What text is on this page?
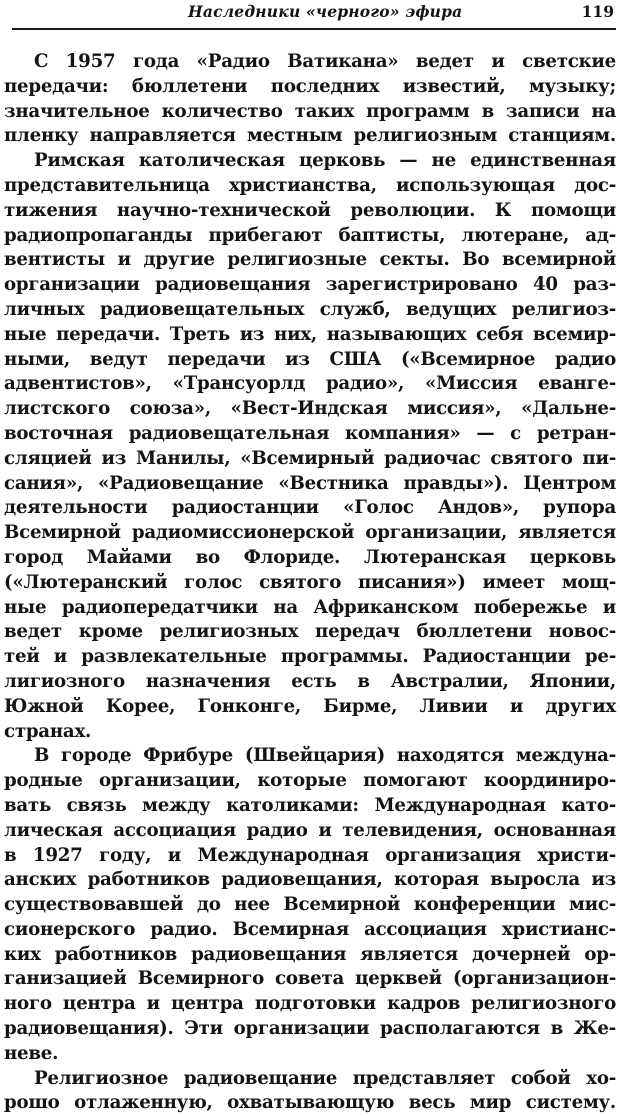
Наследники «черного» эфира	119
С 1957 года «Радио Ватикана» ведет и светские
передачи: бюллетени последних известий, музыку;
значительное количество таких программ в записи на
пленку направляется местным религиозным станциям.
Римская католическая церковь — не единственная
представительница христианства, использующая дос-
тижения научно-технической революции. К помощи
радиопропаганды прибегают баптисты, лютеране, ад-
вентисты и другие религиозные секты. Во всемирной
организации радиовещания зарегистрировано 40 раз-
личных радиовещательных служб, ведущих религиоз-
ные передачи. Треть из них, называющих себя всемир-
ными, ведут передачи из США («Всемирное радио
адвентистов», «Трансуорлд радио», «Миссия еванге-
листского союза», «Вест-Индская миссия», «Дальне-
восточная радиовещательная компания» — с ретран-
сляцией из Манилы, «Всемирный радиочас святого пи-
сания», «Радиовещание «Вестника правды»). Центром
деятельности радиостанции «Голос Андов», рупора
Всемирной радиомиссионерской организации, является
город Майами во Флориде. Лютеранская церковь
(«Лютеранский голос святого писания») имеет мощ-
ные радиопередатчики на Африканском побережье и
ведет кроме религиозных передач бюллетени новос-
тей и развлекательные программы. Радиостанции ре-
лигиозного назначения есть в Австралии, Японии,
Южной Корее, Гонконге, Бирме, Ливии и других
странах.
В городе Фрибуре (Швейцария) находятся междуна-
родные организации, которые помогают координиро-
вать связь между католиками: Международная като-
лическая ассоциация радио и телевидения, основанная
в 1927 году, и Международная организация христи-
анских работников радиовещания, которая выросла из
существовавшей до нее Всемирной конференции мис-
сионерского радио. Всемирная ассоциация христианс-
ких работников радиовещания является дочерней ор-
ганизацией Всемирного совета церквей (организацион-
ного центра и центра подготовки кадров религиозного
радиовещания). Эти организации располагаются в Же-
неве.
Религиозное радиовещание представляет собой хо-
рошо отлаженную, охватывающую весь мир систему.
